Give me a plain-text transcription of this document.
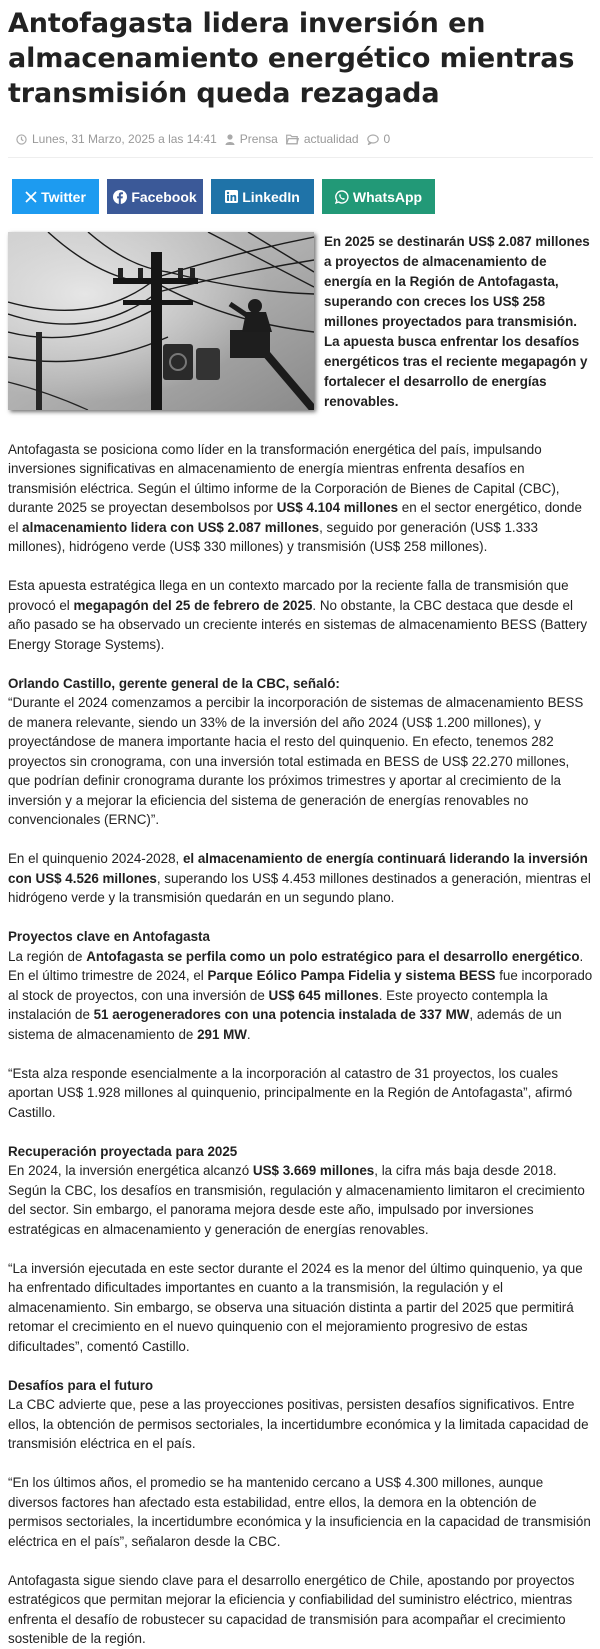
Antofagasta lidera inversión en almacenamiento energético mientras transmisión queda rezagada
Lunes, 31 Marzo, 2025 a las 14:41 Prensa actualidad 0
Twitter	Facebook	LinkedIn	WhatsApp

En 2025 se destinarán US$ 2.087 millones a proyectos de almacenamiento de energía en la Región de Antofagasta, superando con creces los US$ 258 millones proyectados para transmisión. La apuesta busca enfrentar los desafíos energéticos tras el reciente megapagón y fortalecer el desarrollo de energías renovables.

Antofagasta se posiciona como líder en la transformación energética del país, impulsando inversiones significativas en almacenamiento de energía mientras enfrenta desafíos en transmisión eléctrica. Según el último informe de la Corporación de Bienes de Capital (CBC), durante 2025 se proyectan desembolsos por US$ 4.104 millones en el sector energético, donde el almacenamiento lidera con US$ 2.087 millones, seguido por generación (US$ 1.333 millones), hidrógeno verde (US$ 330 millones) y transmisión (US$ 258 millones).

Esta apuesta estratégica llega en un contexto marcado por la reciente falla de transmisión que provocó el megapagón del 25 de febrero de 2025. No obstante, la CBC destaca que desde el año pasado se ha observado un creciente interés en sistemas de almacenamiento BESS (Battery Energy Storage Systems).

Orlando Castillo, gerente general de la CBC, señaló:
“Durante el 2024 comenzamos a percibir la incorporación de sistemas de almacenamiento BESS de manera relevante, siendo un 33% de la inversión del año 2024 (US$ 1.200 millones), y proyectándose de manera importante hacia el resto del quinquenio. En efecto, tenemos 282 proyectos sin cronograma, con una inversión total estimada en BESS de US$ 22.270 millones, que podrían definir cronograma durante los próximos trimestres y aportar al crecimiento de la inversión y a mejorar la eficiencia del sistema de generación de energías renovables no convencionales (ERNC)”.

En el quinquenio 2024-2028, el almacenamiento de energía continuará liderando la inversión con US$ 4.526 millones, superando los US$ 4.453 millones destinados a generación, mientras el hidrógeno verde y la transmisión quedarán en un segundo plano.

Proyectos clave en Antofagasta
La región de Antofagasta se perfila como un polo estratégico para el desarrollo energético. En el último trimestre de 2024, el Parque Eólico Pampa Fidelia y sistema BESS fue incorporado al stock de proyectos, con una inversión de US$ 645 millones. Este proyecto contempla la instalación de 51 aerogeneradores con una potencia instalada de 337 MW, además de un sistema de almacenamiento de 291 MW.

“Esta alza responde esencialmente a la incorporación al catastro de 31 proyectos, los cuales aportan US$ 1.928 millones al quinquenio, principalmente en la Región de Antofagasta”, afirmó Castillo.

Recuperación proyectada para 2025
En 2024, la inversión energética alcanzó US$ 3.669 millones, la cifra más baja desde 2018. Según la CBC, los desafíos en transmisión, regulación y almacenamiento limitaron el crecimiento del sector. Sin embargo, el panorama mejora desde este año, impulsado por inversiones estratégicas en almacenamiento y generación de energías renovables.

“La inversión ejecutada en este sector durante el 2024 es la menor del último quinquenio, ya que ha enfrentado dificultades importantes en cuanto a la transmisión, la regulación y el almacenamiento. Sin embargo, se observa una situación distinta a partir del 2025 que permitirá retomar el crecimiento en el nuevo quinquenio con el mejoramiento progresivo de estas dificultades”, comentó Castillo.

Desafíos para el futuro
La CBC advierte que, pese a las proyecciones positivas, persisten desafíos significativos. Entre ellos, la obtención de permisos sectoriales, la incertidumbre económica y la limitada capacidad de transmisión eléctrica en el país.

“En los últimos años, el promedio se ha mantenido cercano a US$ 4.300 millones, aunque diversos factores han afectado esta estabilidad, entre ellos, la demora en la obtención de permisos sectoriales, la incertidumbre económica y la insuficiencia en la capacidad de transmisión eléctrica en el país”, señalaron desde la CBC.

Antofagasta sigue siendo clave para el desarrollo energético de Chile, apostando por proyectos estratégicos que permitan mejorar la eficiencia y confiabilidad del suministro eléctrico, mientras enfrenta el desafío de robustecer su capacidad de transmisión para acompañar el crecimiento sostenible de la región.
